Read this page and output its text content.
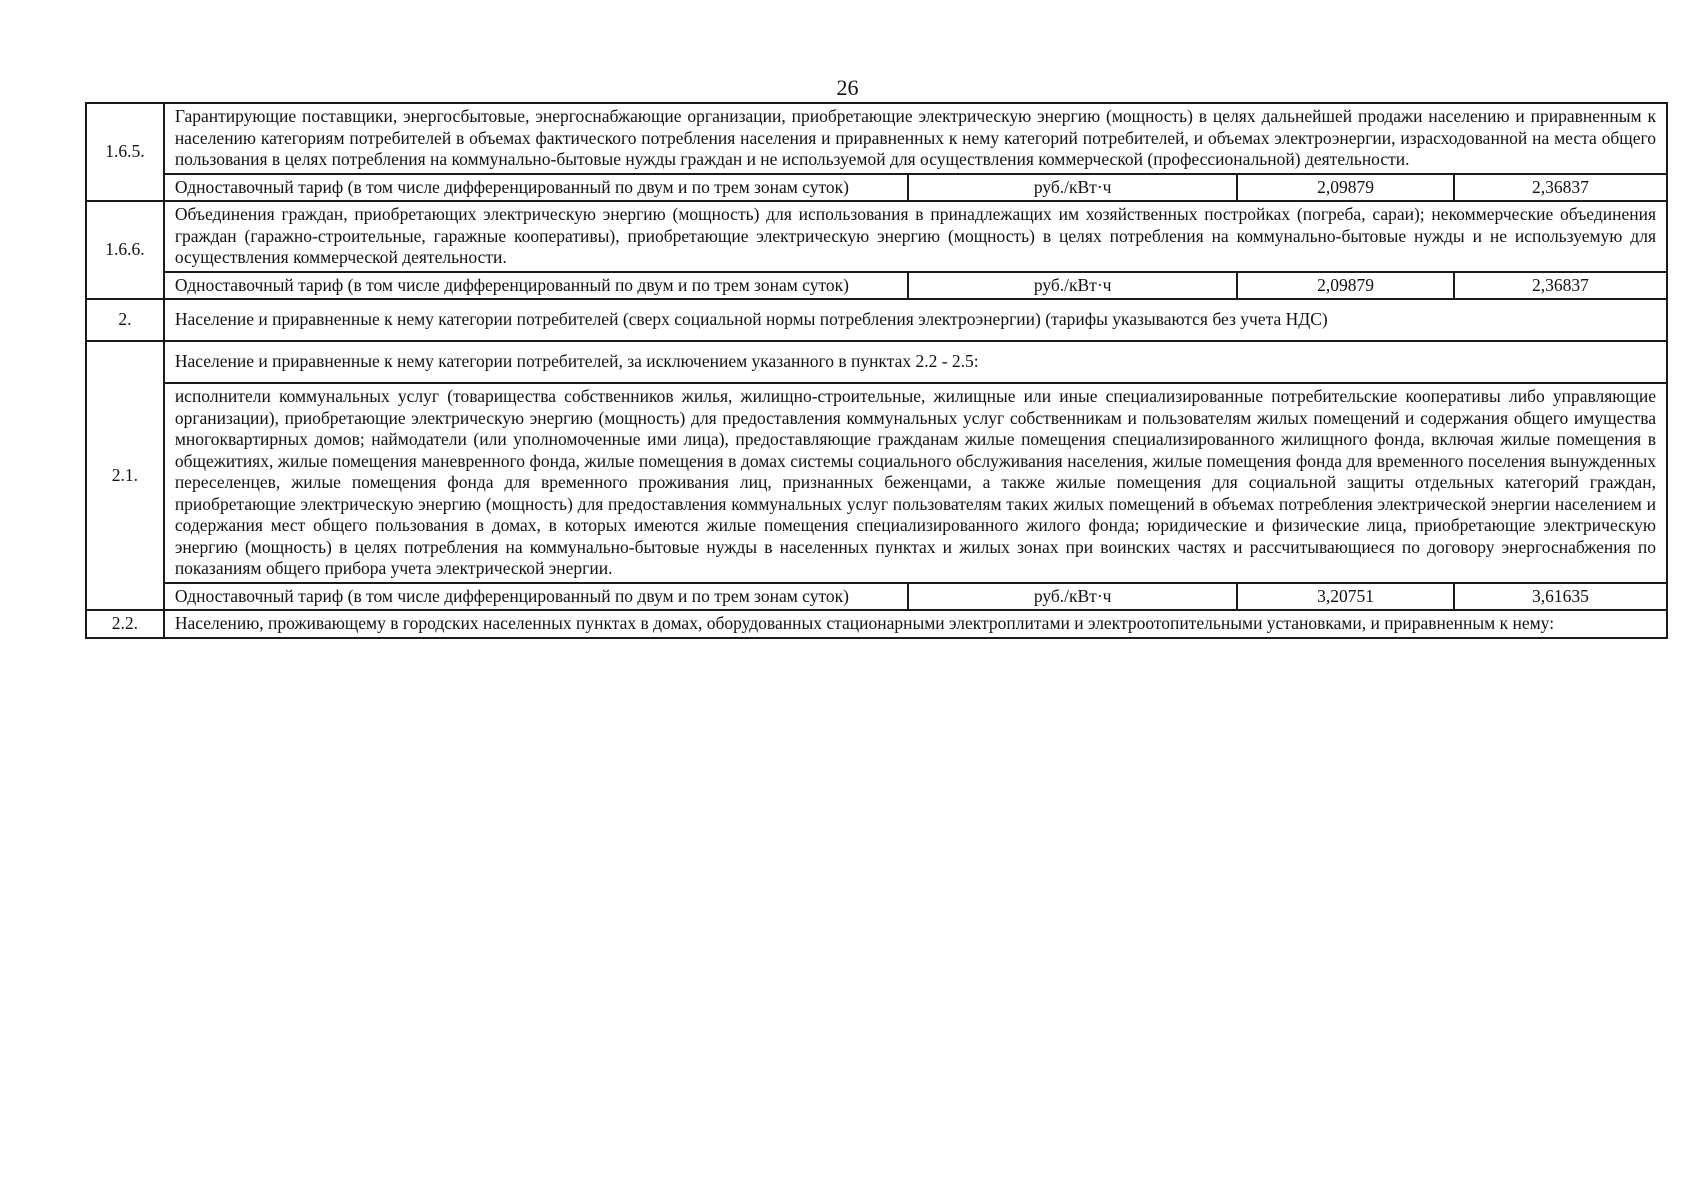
26
1.6.5.	Гарантирующие поставщики, энергосбытовые, энергоснабжающие организации, приобретающие электрическую энергию (мощность) в целях дальнейшей продажи населению и приравненным к населению категориям потребителей в объемах фактического потребления населения и приравненных к нему категорий потребителей, и объемах электроэнергии, израсходованной на места общего пользования в целях потребления на коммунально-бытовые нужды граждан и не используемой для осуществления коммерческой (профессиональной) деятельности.			
	Одноставочный тариф (в том числе дифференцированный по двум и по трем зонам суток)	руб./кВт·ч	2,09879	2,36837
1.6.6.	Объединения граждан, приобретающих электрическую энергию (мощность) для использования в принадлежащих им хозяйственных постройках (погреба, сараи); некоммерческие объединения граждан (гаражно-строительные, гаражные кооперативы), приобретающие электрическую энергию (мощность) в целях потребления на коммунально-бытовые нужды и не используемую для осуществления коммерческой деятельности.			
	Одноставочный тариф (в том числе дифференцированный по двум и по трем зонам суток)	руб./кВт·ч	2,09879	2,36837
2.	Население и приравненные к нему категории потребителей (сверх социальной нормы потребления электроэнергии) (тарифы указываются без учета НДС)			
2.1.	Население и приравненные к нему категории потребителей, за исключением указанного в пунктах 2.2 - 2.5:			
	исполнители коммунальных услуг (товарищества собственников жилья, жилищно-строительные, жилищные или иные специализированные потребительские кооперативы либо управляющие организации), приобретающие электрическую энергию (мощность) для предоставления коммунальных услуг собственникам и пользователям жилых помещений и содержания общего имущества многоквартирных домов; наймодатели (или уполномоченные ими лица), предоставляющие гражданам жилые помещения специализированного жилищного фонда, включая жилые помещения в общежитиях, жилые помещения маневренного фонда, жилые помещения в домах системы социального обслуживания населения, жилые помещения фонда для временного поселения вынужденных переселенцев, жилые помещения фонда для временного проживания лиц, признанных беженцами, а также жилые помещения для социальной защиты отдельных категорий граждан, приобретающие электрическую энергию (мощность) для предоставления коммунальных услуг пользователям таких жилых помещений в объемах потребления электрической энергии населением и содержания мест общего пользования в домах, в которых имеются жилые помещения специализированного жилого фонда; юридические и физические лица, приобретающие электрическую энергию (мощность) в целях потребления на коммунально-бытовые нужды в населенных пунктах и жилых зонах при воинских частях и рассчитывающиеся по договору энергоснабжения по показаниям общего прибора учета электрической энергии.			
	Одноставочный тариф (в том числе дифференцированный по двум и по трем зонам суток)	руб./кВт·ч	3,20751	3,61635
2.2.	Населению, проживающему в городских населенных пунктах в домах, оборудованных стационарными электроплитами и электроотопительными установками, и приравненным к нему:			
